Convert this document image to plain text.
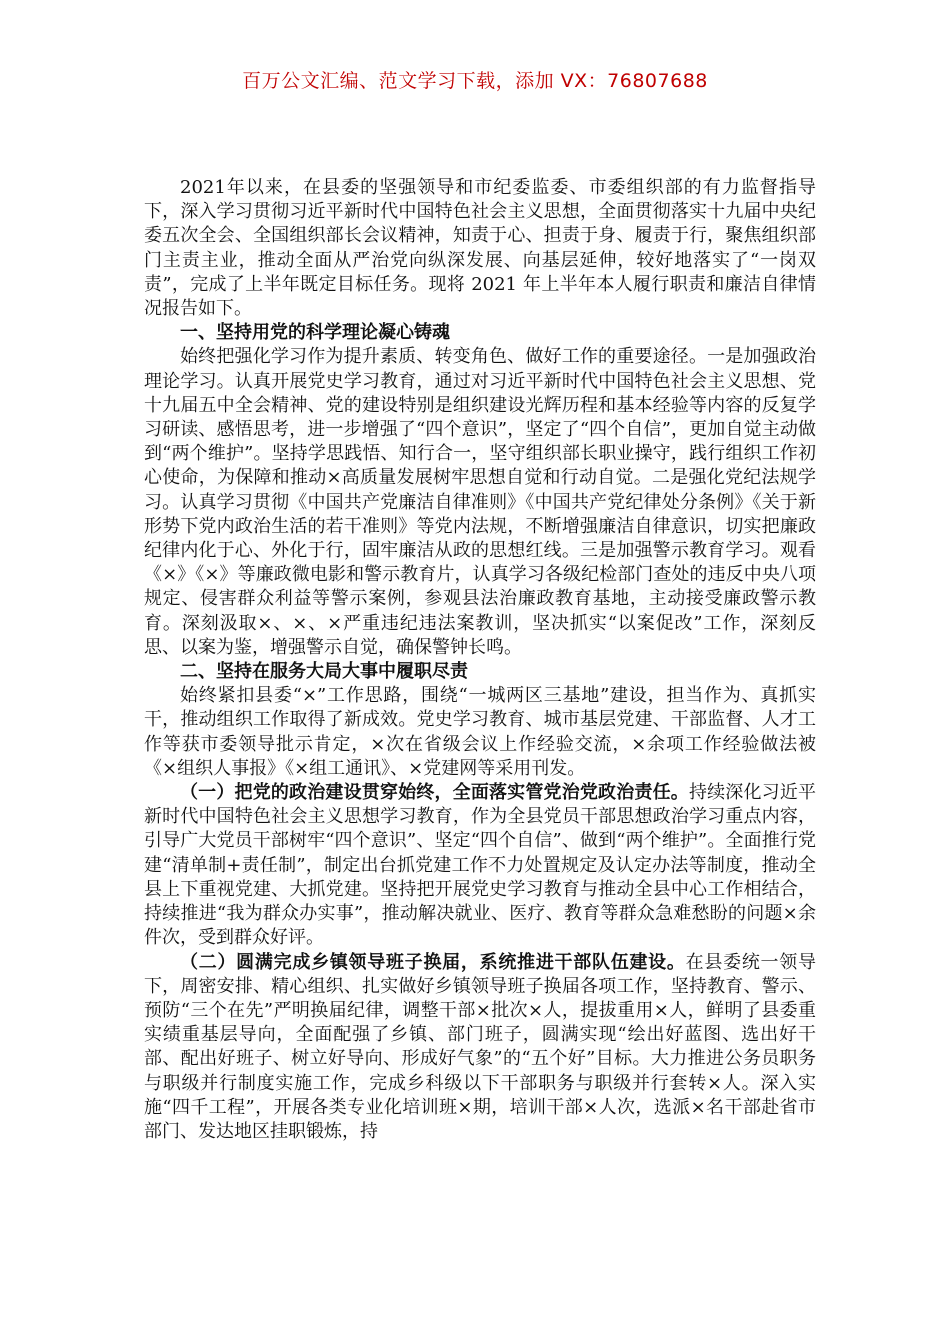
百万公文汇编、范文学习下载，添加 VX：76807688

2021年以来，在县委的坚强领导和市纪委监委、市委组织部的有力监督指导下，深入学习贯彻习近平新时代中国特色社会主义思想，全面贯彻落实十九届中央纪委五次全会、全国组织部长会议精神，知责于心、担责于身、履责于行，聚焦组织部门主责主业，推动全面从严治党向纵深发展、向基层延伸，较好地落实了“一岗双责”，完成了上半年既定目标任务。现将 2021 年上半年本人履行职责和廉洁自律情况报告如下。

一、坚持用党的科学理论凝心铸魂

始终把强化学习作为提升素质、转变角色、做好工作的重要途径。一是加强政治理论学习。认真开展党史学习教育，通过对习近平新时代中国特色社会主义思想、党十九届五中全会精神、党的建设特别是组织建设光辉历程和基本经验等内容的反复学习研读、感悟思考，进一步增强了“四个意识”，坚定了“四个自信”，更加自觉主动做到“两个维护”。坚持学思践悟、知行合一，坚守组织部长职业操守，践行组织工作初心使命，为保障和推动×高质量发展树牢思想自觉和行动自觉。二是强化党纪法规学习。认真学习贯彻《中国共产党廉洁自律准则》《中国共产党纪律处分条例》《关于新形势下党内政治生活的若干准则》等党内法规，不断增强廉洁自律意识，切实把廉政纪律内化于心、外化于行，固牢廉洁从政的思想红线。三是加强警示教育学习。观看《×》《×》等廉政微电影和警示教育片，认真学习各级纪检部门查处的违反中央八项规定、侵害群众利益等警示案例，参观县法治廉政教育基地，主动接受廉政警示教育。深刻汲取×、×、×严重违纪违法案教训，坚决抓实“以案促改”工作，深刻反思、以案为鉴，增强警示自觉，确保警钟长鸣。

二、坚持在服务大局大事中履职尽责

始终紧扣县委“×”工作思路，围绕“一城两区三基地”建设，担当作为、真抓实干，推动组织工作取得了新成效。党史学习教育、城市基层党建、干部监督、人才工作等获市委领导批示肯定，×次在省级会议上作经验交流，×余项工作经验做法被《×组织人事报》《×组工通讯》、×党建网等采用刊发。

（一）把党的政治建设贯穿始终，全面落实管党治党政治责任。持续深化习近平新时代中国特色社会主义思想学习教育，作为全县党员干部思想政治学习重点内容，引导广大党员干部树牢“四个意识”、坚定“四个自信”、做到“两个维护”。全面推行党建“清单制+责任制”，制定出台抓党建工作不力处置规定及认定办法等制度，推动全县上下重视党建、大抓党建。坚持把开展党史学习教育与推动全县中心工作相结合，持续推进“我为群众办实事”，推动解决就业、医疗、教育等群众急难愁盼的问题×余件次，受到群众好评。

（二）圆满完成乡镇领导班子换届，系统推进干部队伍建设。在县委统一领导下，周密安排、精心组织、扎实做好乡镇领导班子换届各项工作，坚持教育、警示、预防“三个在先”严明换届纪律，调整干部×批次×人，提拔重用×人，鲜明了县委重实绩重基层导向，全面配强了乡镇、部门班子，圆满实现“绘出好蓝图、选出好干部、配出好班子、树立好导向、形成好气象”的“五个好”目标。大力推进公务员职务与职级并行制度实施工作，完成乡科级以下干部职务与职级并行套转×人。深入实施“四千工程”，开展各类专业化培训班×期，培训干部×人次，选派×名干部赴省市部门、发达地区挂职锻炼，持
